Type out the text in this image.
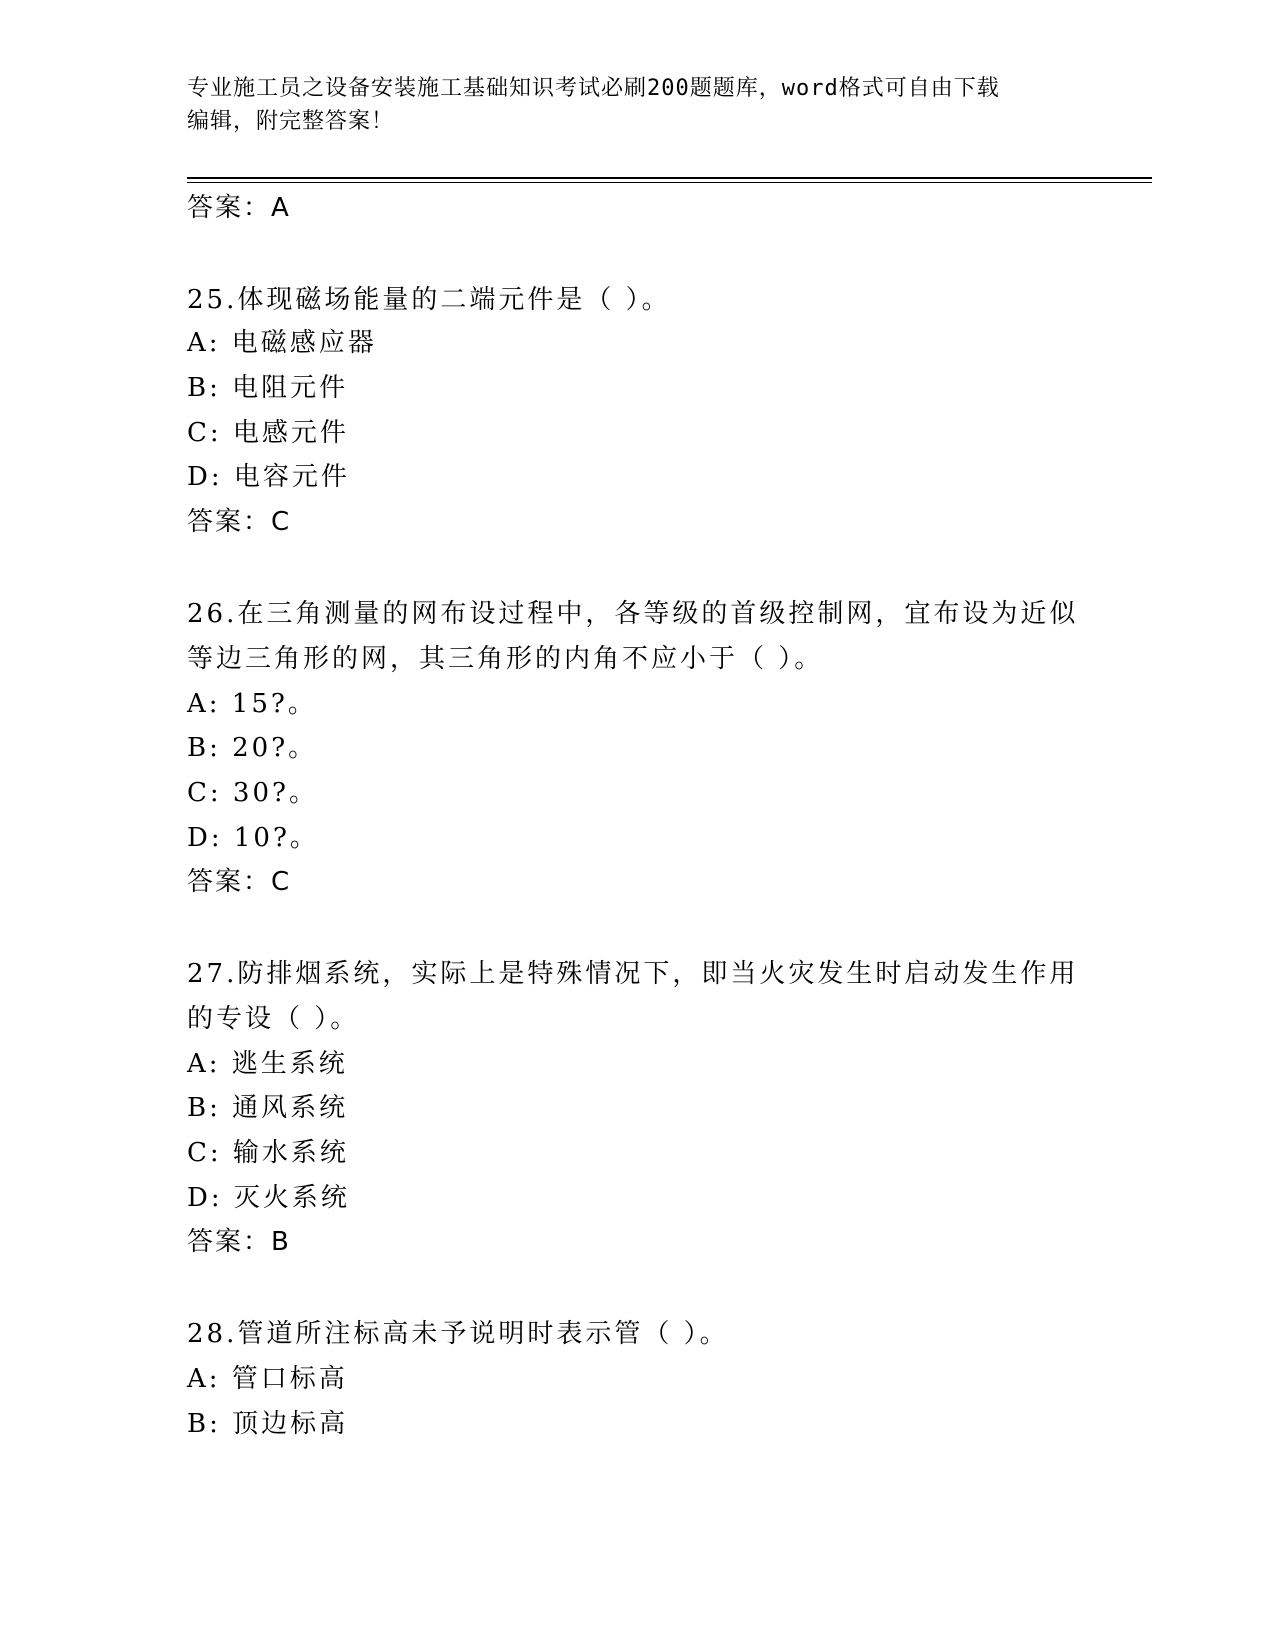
专业施工员之设备安装施工基础知识考试必刷200题题库，word格式可自由下载
编辑，附完整答案！
答案：A
25.体现磁场能量的二端元件是（ ）。
A: 电磁感应器
B: 电阻元件
C: 电感元件
D: 电容元件
答案：C
26.在三角测量的网布设过程中，各等级的首级控制网，宜布设为近似
等边三角形的网，其三角形的内角不应小于（ ）。
A: 15?。
B: 20?。
C: 30?。
D: 10?。
答案：C
27.防排烟系统，实际上是特殊情况下，即当火灾发生时启动发生作用
的专设（ ）。
A: 逃生系统
B: 通风系统
C: 输水系统
D: 灭火系统
答案：B
28.管道所注标高未予说明时表示管（ ）。
A: 管口标高
B: 顶边标高
